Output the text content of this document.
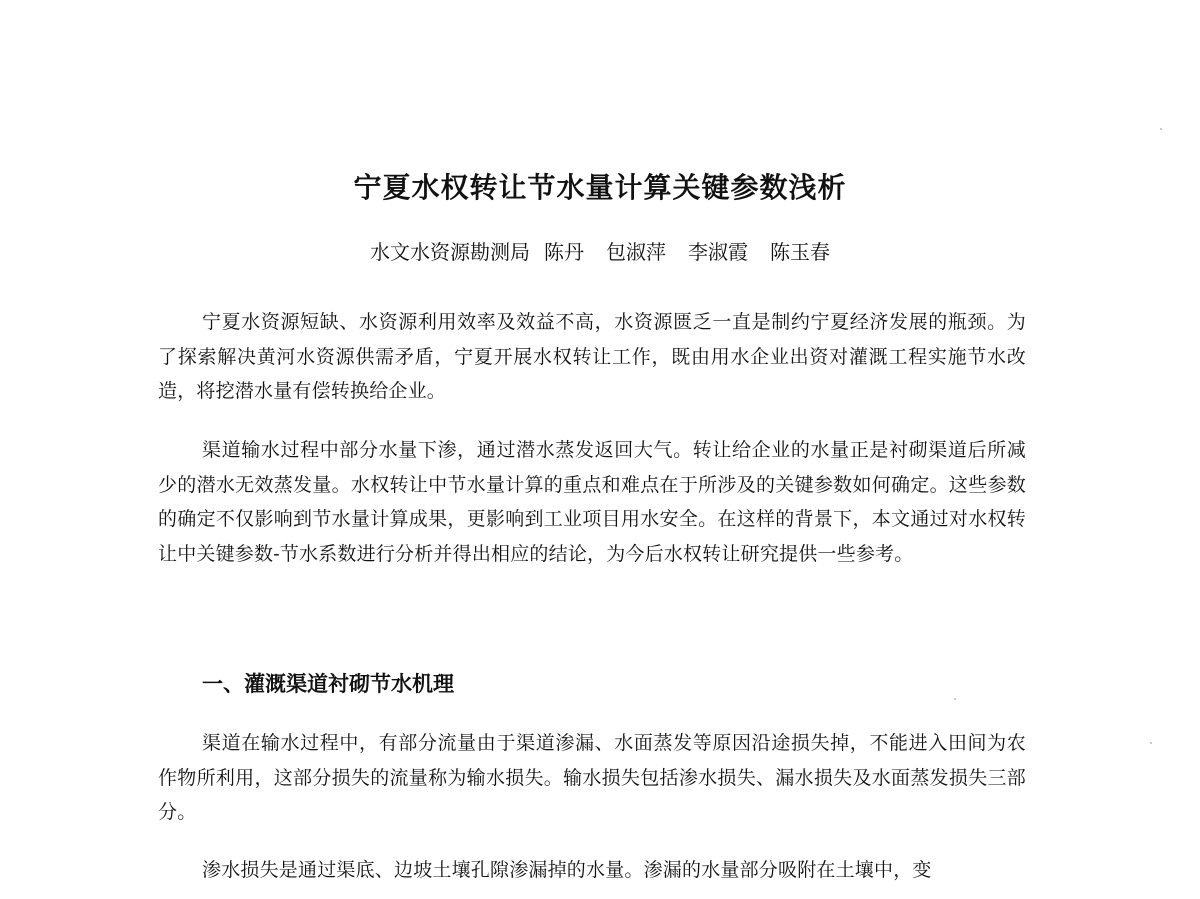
宁夏水权转让节水量计算关键参数浅析

水文水资源勘测局 陈丹 包淑萍 李淑霞 陈玉春

宁夏水资源短缺、水资源利用效率及效益不高，水资源匮乏一直是制约宁夏经济发展的瓶颈。为了探索解决黄河水资源供需矛盾，宁夏开展水权转让工作，既由用水企业出资对灌溉工程实施节水改造，将挖潜水量有偿转换给企业。

渠道输水过程中部分水量下渗，通过潜水蒸发返回大气。转让给企业的水量正是衬砌渠道后所减少的潜水无效蒸发量。水权转让中节水量计算的重点和难点在于所涉及的关键参数如何确定。这些参数的确定不仅影响到节水量计算成果，更影响到工业项目用水安全。在这样的背景下，本文通过对水权转让中关键参数-节水系数进行分析并得出相应的结论，为今后水权转让研究提供一些参考。

一、灌溉渠道衬砌节水机理

渠道在输水过程中，有部分流量由于渠道渗漏、水面蒸发等原因沿途损失掉，不能进入田间为农作物所利用，这部分损失的流量称为输水损失。输水损失包括渗水损失、漏水损失及水面蒸发损失三部分。

渗水损失是通过渠底、边坡土壤孔隙渗漏掉的水量。渗漏的水量部分吸附在土壤中，变
